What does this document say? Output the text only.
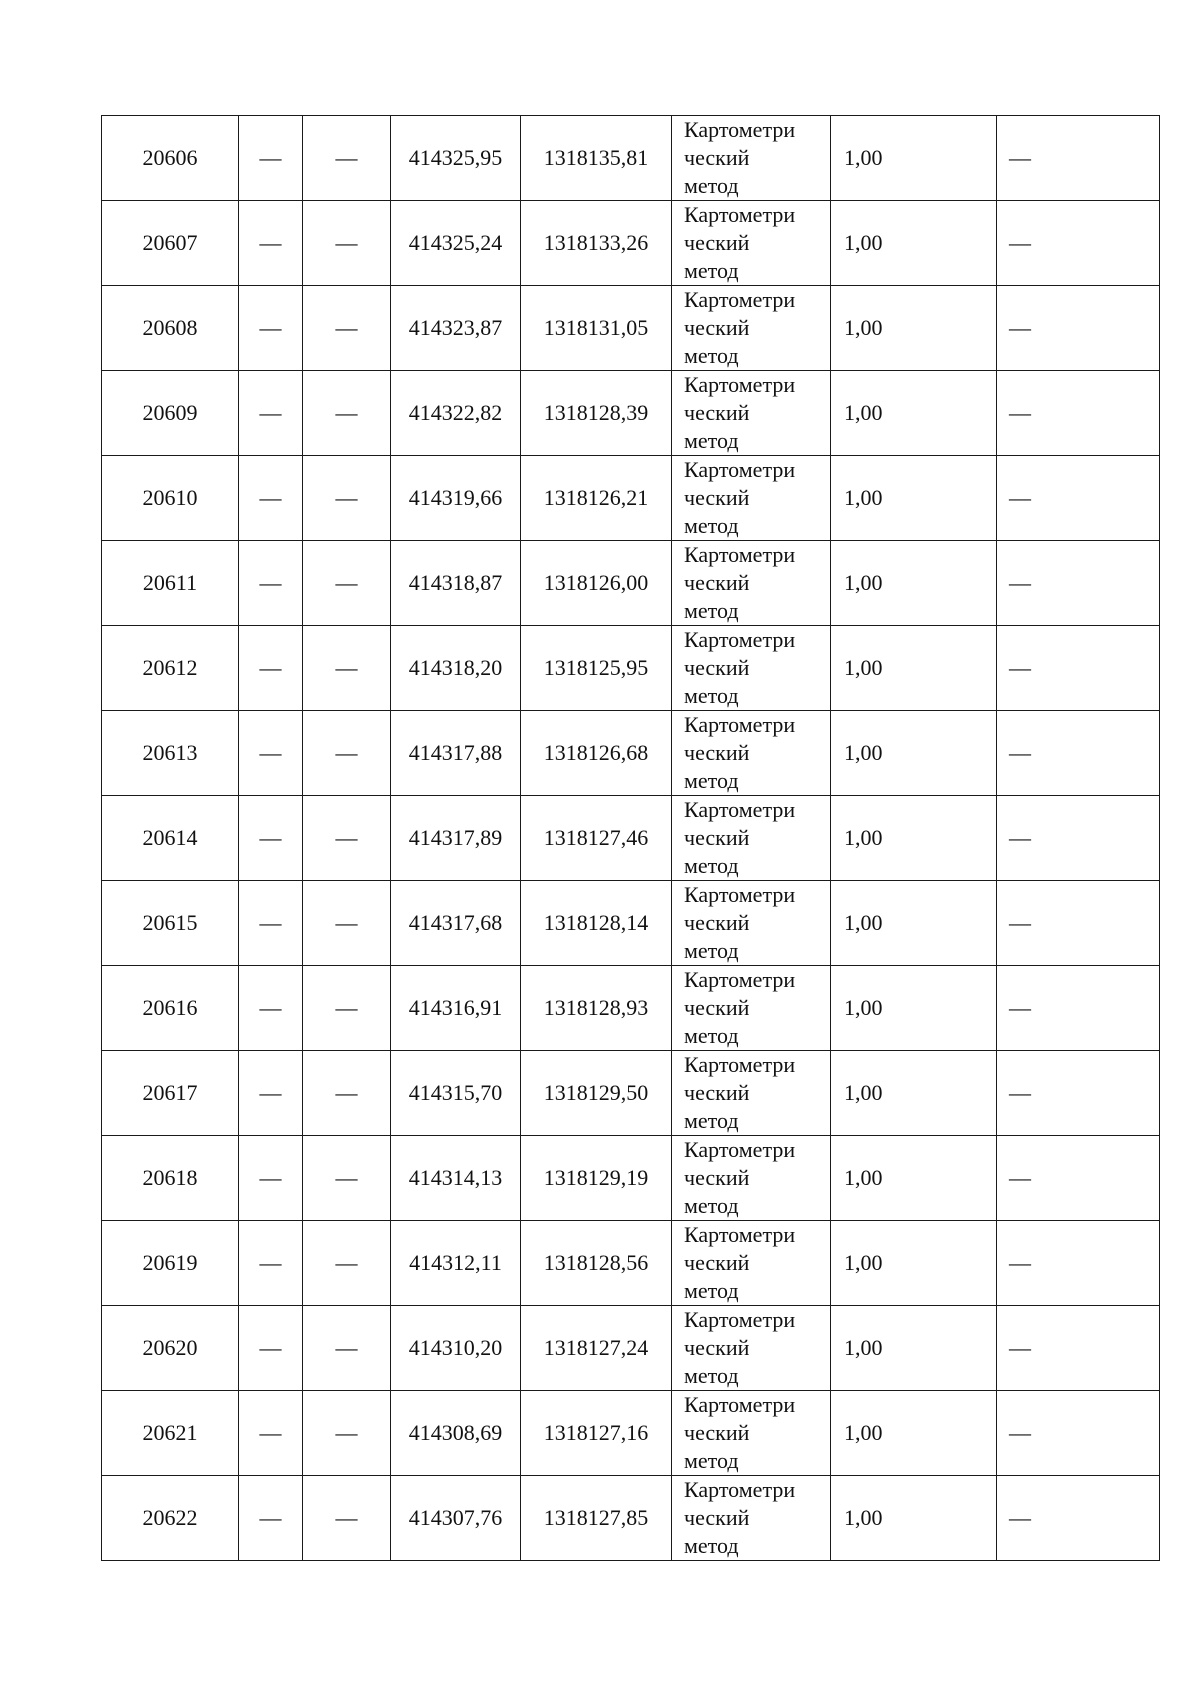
20606	—	—	414325,95	1318135,81	Картометри
ческий
метод	1,00	—
20607	—	—	414325,24	1318133,26	Картометри
ческий
метод	1,00	—
20608	—	—	414323,87	1318131,05	Картометри
ческий
метод	1,00	—
20609	—	—	414322,82	1318128,39	Картометри
ческий
метод	1,00	—
20610	—	—	414319,66	1318126,21	Картометри
ческий
метод	1,00	—
20611	—	—	414318,87	1318126,00	Картометри
ческий
метод	1,00	—
20612	—	—	414318,20	1318125,95	Картометри
ческий
метод	1,00	—
20613	—	—	414317,88	1318126,68	Картометри
ческий
метод	1,00	—
20614	—	—	414317,89	1318127,46	Картометри
ческий
метод	1,00	—
20615	—	—	414317,68	1318128,14	Картометри
ческий
метод	1,00	—
20616	—	—	414316,91	1318128,93	Картометри
ческий
метод	1,00	—
20617	—	—	414315,70	1318129,50	Картометри
ческий
метод	1,00	—
20618	—	—	414314,13	1318129,19	Картометри
ческий
метод	1,00	—
20619	—	—	414312,11	1318128,56	Картометри
ческий
метод	1,00	—
20620	—	—	414310,20	1318127,24	Картометри
ческий
метод	1,00	—
20621	—	—	414308,69	1318127,16	Картометри
ческий
метод	1,00	—
20622	—	—	414307,76	1318127,85	Картометри
ческий
метод	1,00	—
